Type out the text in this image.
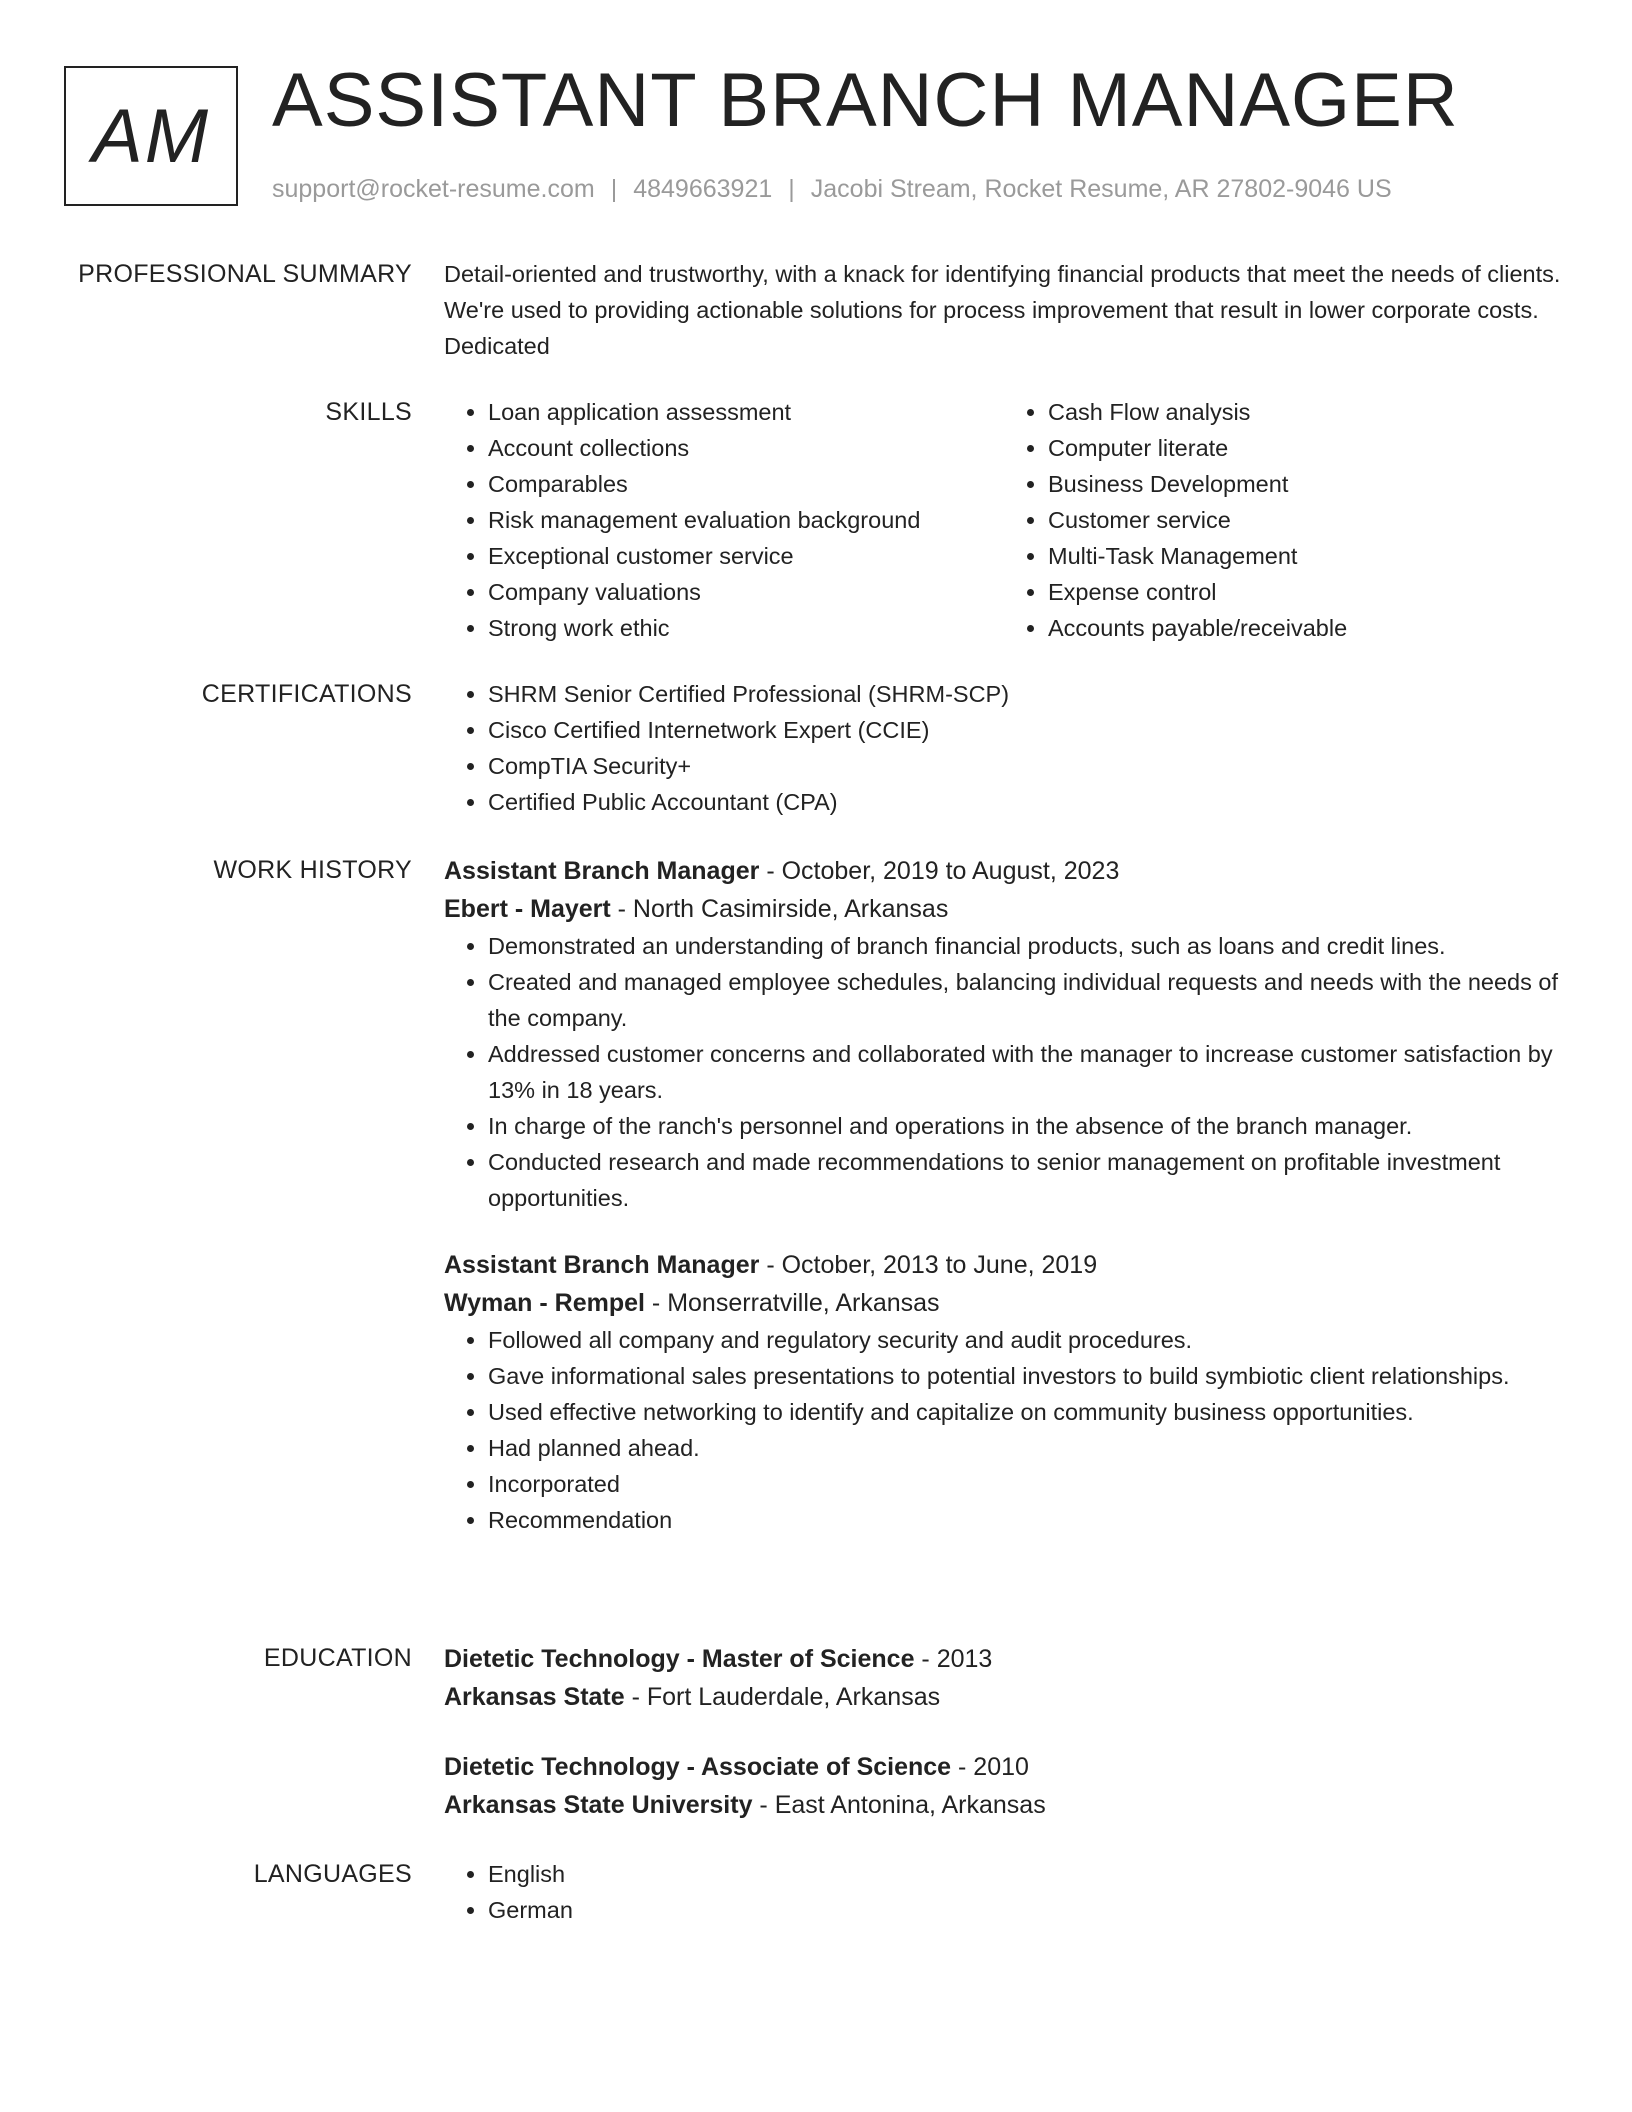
AM ASSISTANT BRANCH MANAGER
support@rocket-resume.com | 4849663921 | Jacobi Stream, Rocket Resume, AR 27802-9046 US
PROFESSIONAL SUMMARY Detail-oriented and trustworthy, with a knack for identifying financial products that meet the needs of clients. We're used to providing actionable solutions for process improvement that result in lower corporate costs. Dedicated

SKILLS	• Loan application assessment
• Account collections
• Comparables
• Risk management evaluation background
• Exceptional customer service
• Company valuations
• Strong work ethic
• Cash Flow analysis
• Computer literate
• Business Development
• Customer service
• Multi-Task Management
• Expense control
• Accounts payable/receivable
CERTIFICATIONS	• SHRM Senior Certified Professional (SHRM-SCP)
• Cisco Certified Internetwork Expert (CCIE)
• CompTIA Security+
• Certified Public Accountant (CPA)
WORK HISTORY Assistant Branch Manager - October, 2019 to August, 2023
Ebert - Mayert - North Casimirside, Arkansas
• Demonstrated an understanding of branch financial products, such as loans and credit lines.
• Created and managed employee schedules, balancing individual requests and needs with the needs of the company.
• Addressed customer concerns and collaborated with the manager to increase customer satisfaction by 13% in 18 years.
• In charge of the ranch's personnel and operations in the absence of the branch manager.
• Conducted research and made recommendations to senior management on profitable investment opportunities.
Assistant Branch Manager - October, 2013 to June, 2019
Wyman - Rempel - Monserratville, Arkansas
• Followed all company and regulatory security and audit procedures.
• Gave informational sales presentations to potential investors to build symbiotic client relationships.
• Used effective networking to identify and capitalize on community business opportunities.
• Had planned ahead.
• Incorporated
• Recommendation
EDUCATION Dietetic Technology - Master of Science - 2013
Arkansas State - Fort Lauderdale, Arkansas
Dietetic Technology - Associate of Science - 2010
Arkansas State University - East Antonina, Arkansas
LANGUAGES	• English
• German
